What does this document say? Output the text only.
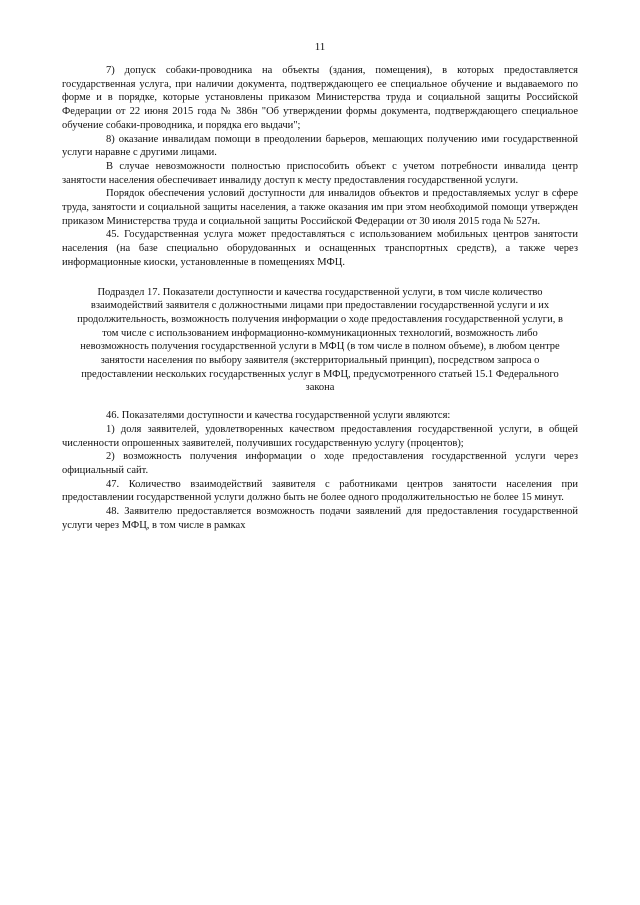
11

7) допуск собаки-проводника на объекты (здания, помещения), в которых предоставляется государственная услуга, при наличии документа, подтверждающего ее специальное обучение и выдаваемого по форме и в порядке, которые установлены приказом Министерства труда и социальной защиты Российской Федерации от 22 июня 2015 года № 386н "Об утверждении формы документа, подтверждающего специальное обучение собаки-проводника, и порядка его выдачи";

8) оказание инвалидам помощи в преодолении барьеров, мешающих получению ими государственной услуги наравне с другими лицами.

В случае невозможности полностью приспособить объект с учетом потребности инвалида центр занятости населения обеспечивает инвалиду доступ к месту предоставления государственной услуги.

Порядок обеспечения условий доступности для инвалидов объектов и предоставляемых услуг в сфере труда, занятости и социальной защиты населения, а также оказания им при этом необходимой помощи утвержден приказом Министерства труда и социальной защиты Российской Федерации от 30 июля 2015 года № 527н.

45. Государственная услуга может предоставляться с использованием мобильных центров занятости населения (на базе специально оборудованных и оснащенных транспортных средств), а также через информационные киоски, установленные в помещениях МФЦ.

Подраздел 17. Показатели доступности и качества государственной услуги, в том числе количество взаимодействий заявителя с должностными лицами при предоставлении государственной услуги и их продолжительность, возможность получения информации о ходе предоставления государственной услуги, в том числе с использованием информационно-коммуникационных технологий, возможность либо невозможность получения государственной услуги в МФЦ (в том числе в полном объеме), в любом центре занятости населения по выбору заявителя (экстерриториальный принцип), посредством запроса о предоставлении нескольких государственных услуг в МФЦ, предусмотренного статьей 15.1 Федерального закона

46. Показателями доступности и качества государственной услуги являются:

1) доля заявителей, удовлетворенных качеством предоставления государственной услуги, в общей численности опрошенных заявителей, получивших государственную услугу (процентов);

2) возможность получения информации о ходе предоставления государственной услуги через официальный сайт.

47. Количество взаимодействий заявителя с работниками центров занятости населения при предоставлении государственной услуги должно быть не более одного продолжительностью не более 15 минут.

48. Заявителю предоставляется возможность подачи заявлений для предоставления государственной услуги через МФЦ, в том числе в рамках
